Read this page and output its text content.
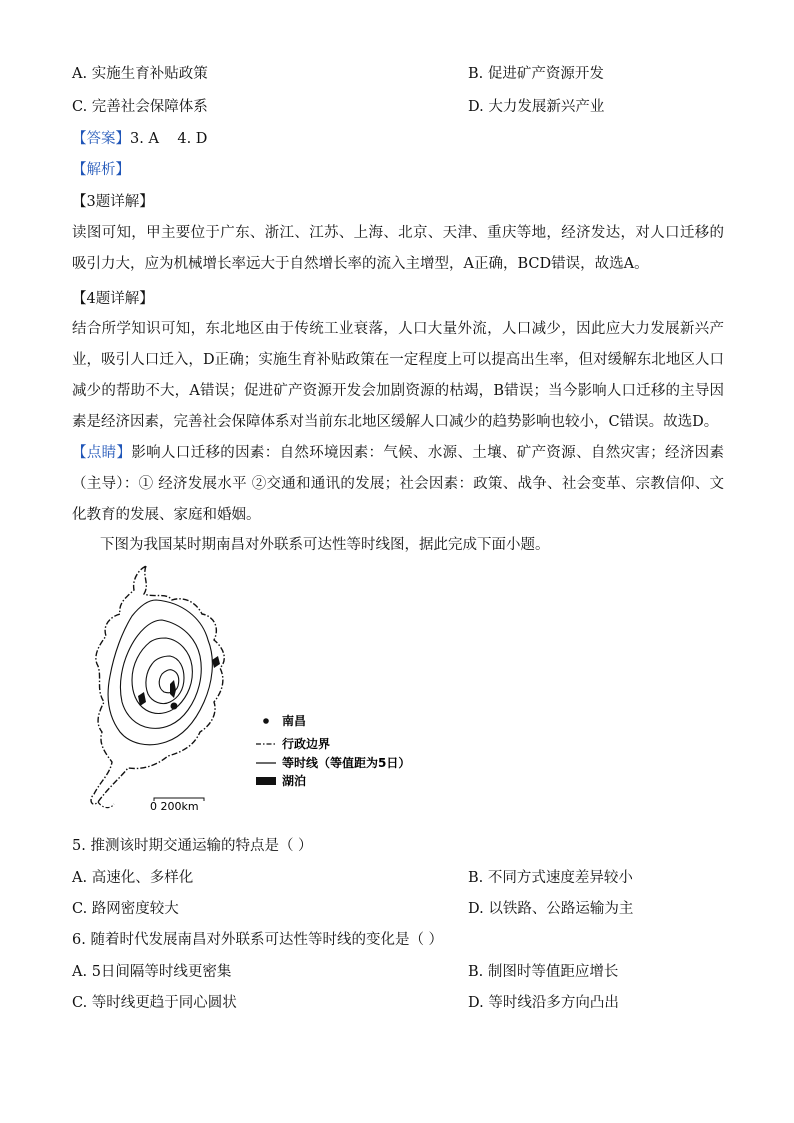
A. 实施生育补贴政策	B. 促进矿产资源开发
C. 完善社会保障体系	D. 大力发展新兴产业
【答案】3. A    4. D
【解析】
【3题详解】
读图可知，甲主要位于广东、浙江、江苏、上海、北京、天津、重庆等地，经济发达，对人口迁移的吸引力大，应为机械增长率远大于自然增长率的流入主增型，A正确，BCD错误，故选A。
【4题详解】
结合所学知识可知，东北地区由于传统工业衰落，人口大量外流，人口减少，因此应大力发展新兴产业，吸引人口迁入，D正确；实施生育补贴政策在一定程度上可以提高出生率，但对缓解东北地区人口减少的帮助不大，A错误；促进矿产资源开发会加剧资源的枯竭，B错误；当今影响人口迁移的主导因素是经济因素，完善社会保障体系对当前东北地区缓解人口减少的趋势影响也较小，C错误。故选D。
【点睛】影响人口迁移的因素：自然环境因素：气候、水源、土壤、矿产资源、自然灾害；经济因素（主导）：① 经济发展水平 ②交通和通讯的发展；社会因素：政策、战争、社会变革、宗教信仰、文化教育的发展、家庭和婚姻。
下图为我国某时期南昌对外联系可达性等时线图，据此完成下面小题。
南昌
行政边界
等时线（等值距为5日）
湖泊
0 200km
5. 推测该时期交通运输的特点是（ ）
A. 高速化、多样化	B. 不同方式速度差异较小
C. 路网密度较大	D. 以铁路、公路运输为主
6. 随着时代发展南昌对外联系可达性等时线的变化是（ ）
A. 5日间隔等时线更密集	B. 制图时等值距应增长
C. 等时线更趋于同心圆状	D. 等时线沿多方向凸出
